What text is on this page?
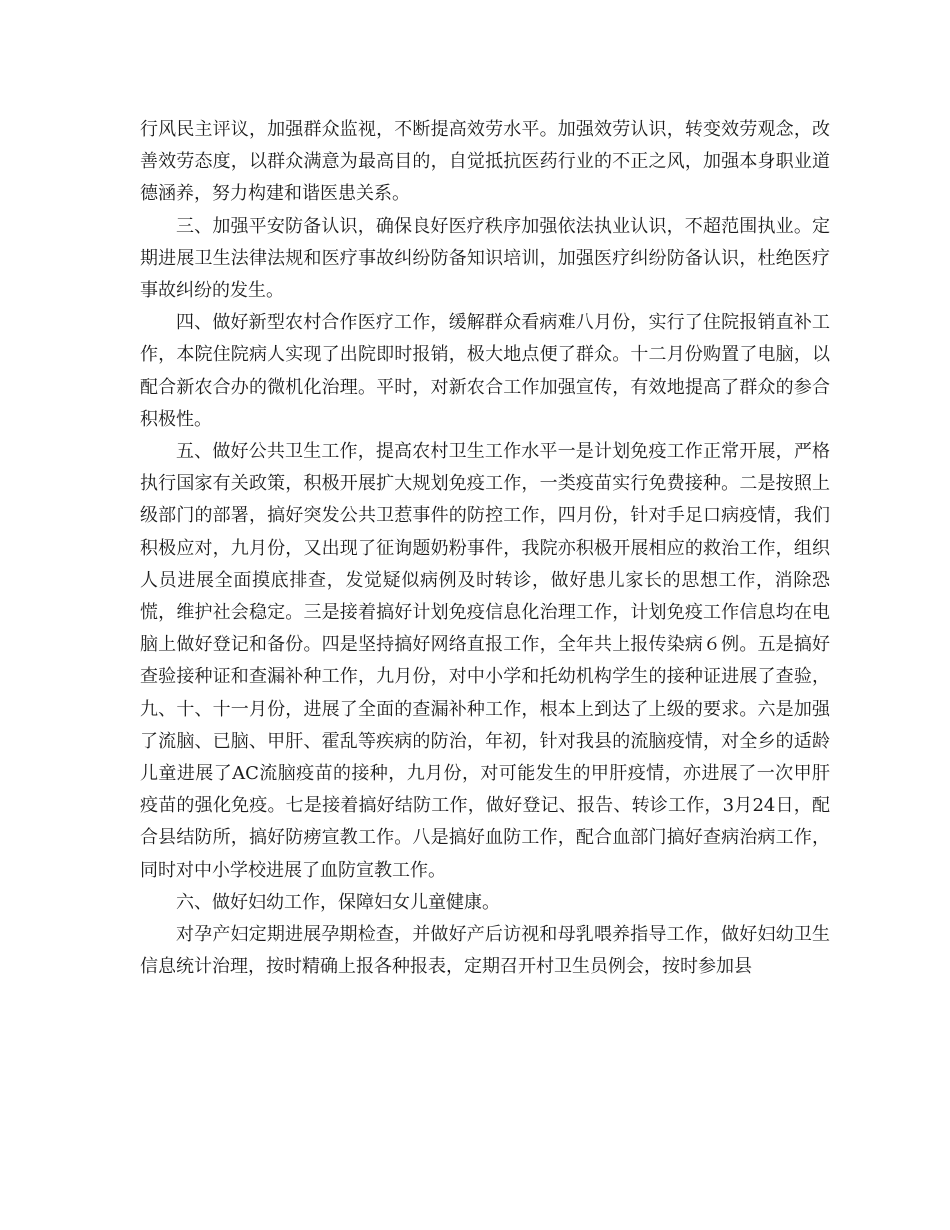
行风民主评议，加强群众监视，不断提高效劳水平。加强效劳认识，转变效劳观念，改善效劳态度，以群众满意为最高目的，自觉抵抗医药行业的不正之风，加强本身职业道德涵养，努力构建和谐医患关系。

三、加强平安防备认识，确保良好医疗秩序加强依法执业认识，不超范围执业。定期进展卫生法律法规和医疗事故纠纷防备知识培训，加强医疗纠纷防备认识，杜绝医疗事故纠纷的发生。

四、做好新型农村合作医疗工作，缓解群众看病难八月份，实行了住院报销直补工作，本院住院病人实现了出院即时报销，极大地点便了群众。十二月份购置了电脑，以配合新农合办的微机化治理。平时，对新农合工作加强宣传，有效地提高了群众的参合积极性。

五、做好公共卫生工作，提高农村卫生工作水平一是计划免疫工作正常开展，严格执行国家有关政策，积极开展扩大规划免疫工作，一类疫苗实行免费接种。二是按照上级部门的部署，搞好突发公共卫惹事件的防控工作，四月份，针对手足口病疫情，我们积极应对，九月份，又出现了征询题奶粉事件，我院亦积极开展相应的救治工作，组织人员进展全面摸底排查，发觉疑似病例及时转诊，做好患儿家长的思想工作，消除恐慌，维护社会稳定。三是接着搞好计划免疫信息化治理工作，计划免疫工作信息均在电脑上做好登记和备份。四是坚持搞好网络直报工作，全年共上报传染病６例。五是搞好查验接种证和查漏补种工作，九月份，对中小学和托幼机构学生的接种证进展了查验，九、十、十一月份，进展了全面的查漏补种工作，根本上到达了上级的要求。六是加强了流脑、已脑、甲肝、霍乱等疾病的防治，年初，针对我县的流脑疫情，对全乡的适龄儿童进展了AC流脑疫苗的接种，九月份，对可能发生的甲肝疫情，亦进展了一次甲肝疫苗的强化免疫。七是接着搞好结防工作，做好登记、报告、转诊工作，3月24日，配合县结防所，搞好防痨宣教工作。八是搞好血防工作，配合血部门搞好查病治病工作，同时对中小学校进展了血防宣教工作。

六、做好妇幼工作，保障妇女儿童健康。

对孕产妇定期进展孕期检查，并做好产后访视和母乳喂养指导工作，做好妇幼卫生信息统计治理，按时精确上报各种报表，定期召开村卫生员例会，按时参加县
